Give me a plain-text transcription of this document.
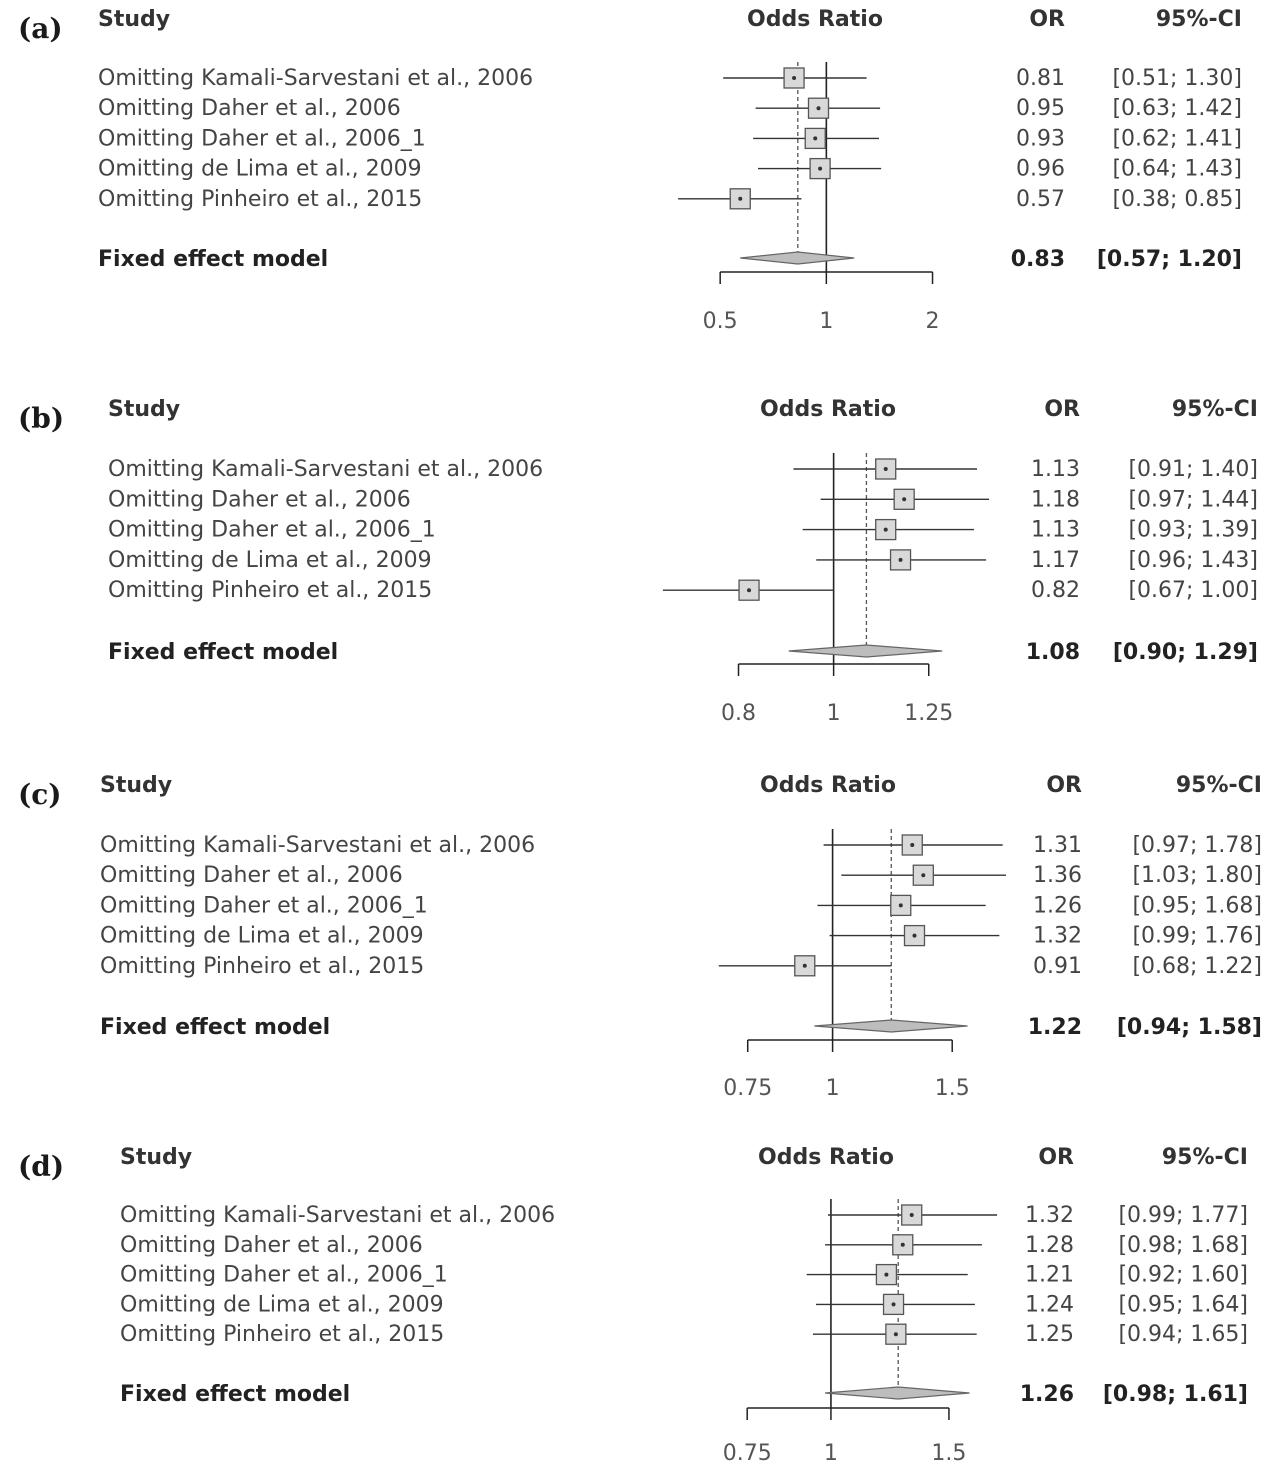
(a) Study	Odds Ratio	OR	95%-CI
Omitting Kamali-Sarvestani et al., 2006	0.81 [0.51; 1.30]
Omitting Daher et al., 2006	0.95 [0.63; 1.42]
Omitting Daher et al., 2006_1	0.93 [0.62; 1.41]
Omitting de Lima et al., 2009	0.96 [0.64; 1.43]
Omitting Pinheiro et al., 2015	0.57 [0.38; 0.85]
Fixed effect model	0.83 [0.57; 1.20]
0.5	1	2
(b) Study	Odds Ratio	OR	95%-CI
Omitting Kamali-Sarvestani et al., 2006	1.13 [0.91; 1.40]
Omitting Daher et al., 2006	1.18 [0.97; 1.44]
Omitting Daher et al., 2006_1	1.13 [0.93; 1.39]
Omitting de Lima et al., 2009	1.17 [0.96; 1.43]
Omitting Pinheiro et al., 2015	0.82 [0.67; 1.00]
Fixed effect model	1.08 [0.90; 1.29]
0.8	1	1.25
(c) Study	Odds Ratio	OR	95%-CI
Omitting Kamali-Sarvestani et al., 2006	1.31 [0.97; 1.78]
Omitting Daher et al., 2006	1.36 [1.03; 1.80]
Omitting Daher et al., 2006_1	1.26 [0.95; 1.68]
Omitting de Lima et al., 2009	1.32 [0.99; 1.76]
Omitting Pinheiro et al., 2015	0.91 [0.68; 1.22]
Fixed effect model	1.22 [0.94; 1.58]
0.75 1	1.5
(d)	Study	Odds Ratio	OR	95%-CI
Omitting Kamali-Sarvestani et al., 2006	1.32 [0.99; 1.77]
Omitting Daher et al., 2006	1.28 [0.98; 1.68]
Omitting Daher et al., 2006_1	1.21 [0.92; 1.60]
Omitting de Lima et al., 2009	1.24 [0.95; 1.64]
Omitting Pinheiro et al., 2015	1.25 [0.94; 1.65]
Fixed effect model	1.26 [0.98; 1.61]
0.75 1	1.5
